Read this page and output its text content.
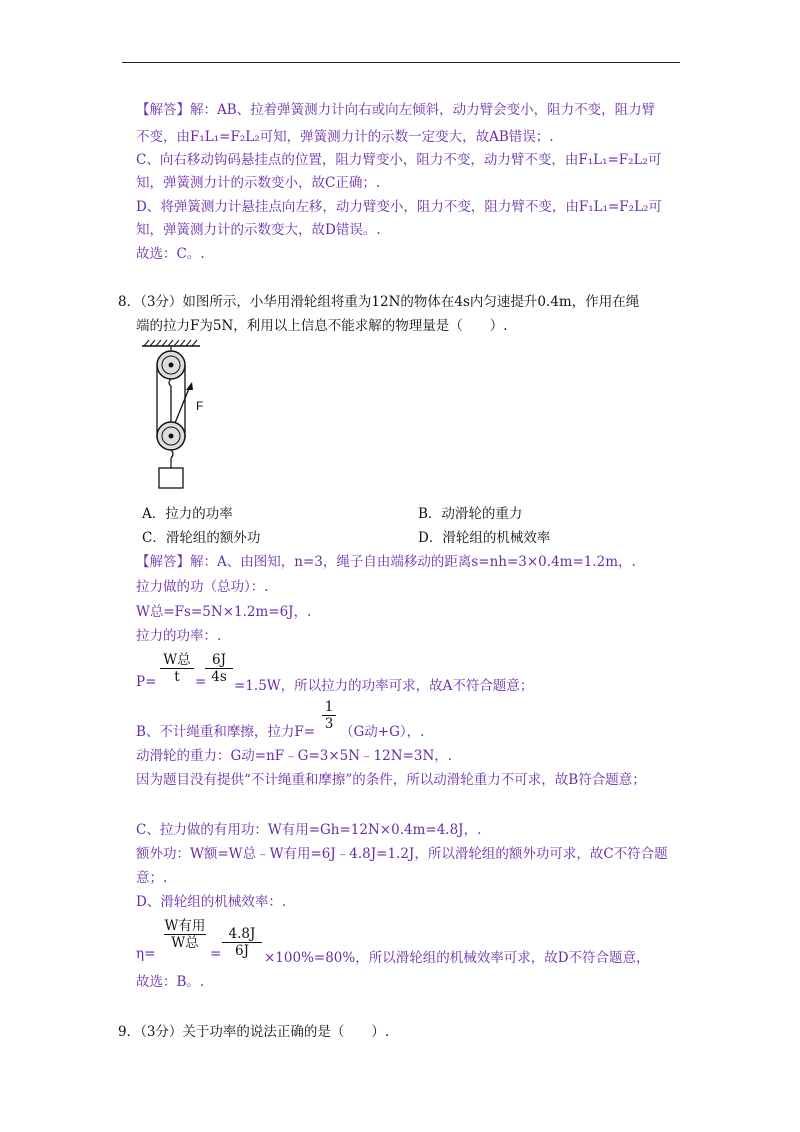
【解答】解：AB、拉着弹簧测力计向右或向左倾斜，动力臂会变小，阻力不变，阻力臂
不变，由F₁L₁=F₂L₂可知，弹簧测力计的示数一定变大，故AB错误；.
C、向右移动钩码悬挂点的位置，阻力臂变小，阻力不变，动力臂不变，由F₁L₁=F₂L₂可
知，弹簧测力计的示数变小，故C正确；.
D、将弹簧测力计悬挂点向左移，动力臂变小，阻力不变，阻力臂不变，由F₁L₁=F₂L₂可
知，弹簧测力计的示数变大，故D错误。.
故选：C。.
8．（3分）如图所示，小华用滑轮组将重为12N的物体在4s内匀速提升0.4m，作用在绳
端的拉力F为5N，利用以上信息不能求解的物理量是（　　）.
F
A．拉力的功率	B．动滑轮的重力
C．滑轮组的额外功	D．滑轮组的机械效率
【解答】解：A、由图知，n=3，绳子自由端移动的距离s=nh=3×0.4m=1.2m，.
拉力做的功（总功）：.
W总=Fs=5N×1.2m=6J，.
拉力的功率：.
P=
W总
t	=
$\frac{6J}{4s}$
=1.5W，所以拉力的功率可求，故A不符合题意；
B、不计绳重和摩擦，拉力$F= \frac{1}{3} (G$动+G），.
动滑轮的重力：G动=nF﹣G=3×5N﹣12N=3N，.
因为题目没有提供“不计绳重和摩擦”的条件，所以动滑轮重力不可求，故B符合题意；
C、拉力做的有用功：W有用=Gh=12N×0.4m=4.8J，.
额外功：W额=W总﹣W有用=6J﹣4.8J=1.2J，所以滑轮组的额外功可求，故C不符合题
意；.
D、滑轮组的机械效率：.
η=
W有用
W总
= $\frac{4.8J}{6J} \times 100\%=80\%$，所以滑轮组的机械效率可求，故D不符合题意，
故选：B。.
9．（3分）关于功率的说法正确的是（　　）.
